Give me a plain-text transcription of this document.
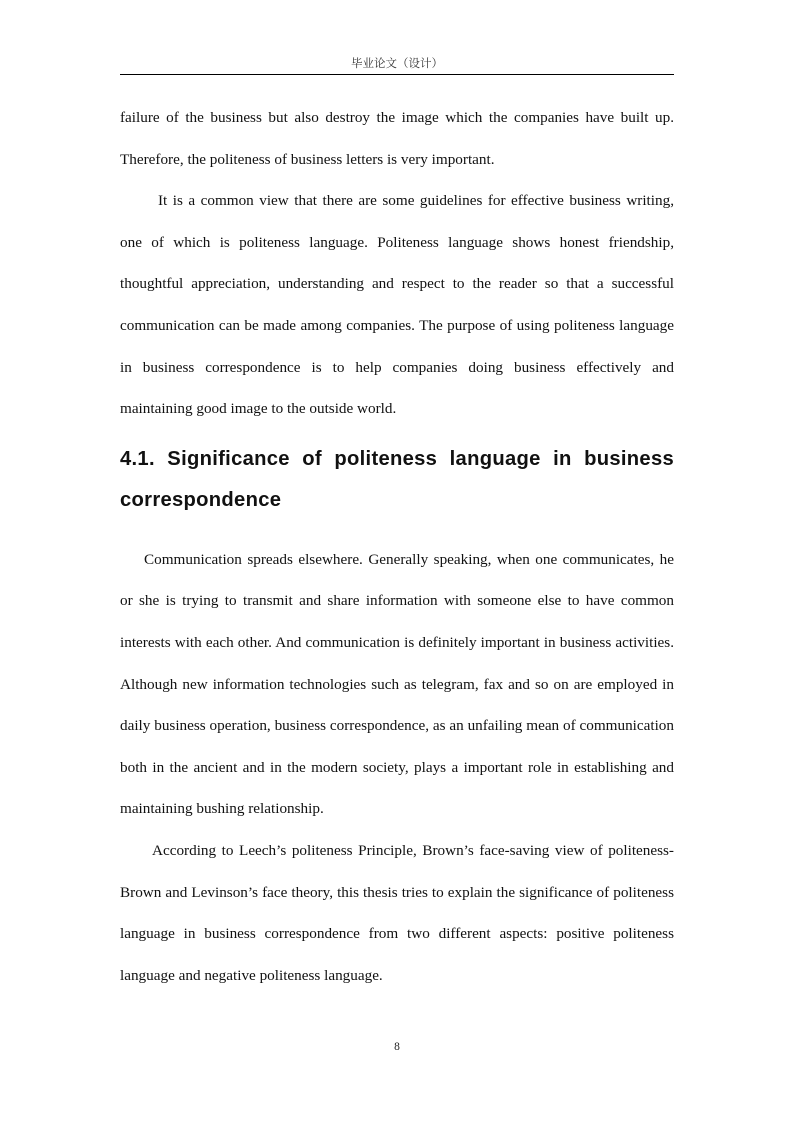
毕业论文（设计）

failure of the business but also destroy the image which the companies have built up. Therefore, the politeness of business letters is very important.

It is a common view that there are some guidelines for effective business writing, one of which is politeness language. Politeness language shows honest friendship, thoughtful appreciation, understanding and respect to the reader so that a successful communication can be made among companies. The purpose of using politeness language in business correspondence is to help companies doing business effectively and maintaining good image to the outside world.

4.1. Significance of politeness language in business correspondence

Communication spreads elsewhere. Generally speaking, when one communicates, he or she is trying to transmit and share information with someone else to have common interests with each other. And communication is definitely important in business activities. Although new information technologies such as telegram, fax and so on are employed in daily business operation, business correspondence, as an unfailing mean of communication both in the ancient and in the modern society, plays a important role in establishing and maintaining bushing relationship.

According to Leech’s politeness Principle, Brown’s face-saving view of politeness-Brown and Levinson’s face theory, this thesis tries to explain the significance of politeness language in business correspondence from two different aspects: positive politeness language and negative politeness language.

8
